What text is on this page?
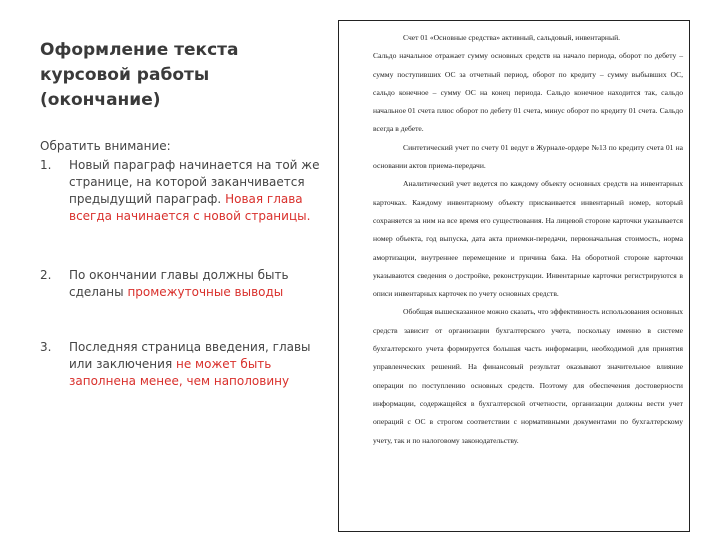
Оформление текста курсовой работы (окончание)
Обратить внимание:
1. Новый параграф начинается на той же странице, на которой заканчивается предыдущий параграф. Новая глава всегда начинается с новой страницы.
2. По окончании главы должны быть сделаны промежуточные выводы
3. Последняя страница введения, главы или заключения не может быть заполнена менее, чем наполовину

Счет 01 «Основные средства» активный, сальдовый, инвентарный.

Сальдо начальное отражает сумму основных средств на начало периода, оборот по дебету – сумму поступивших ОС за отчетный период, оборот по кредиту – сумму выбывших ОС, сальдо конечное – сумму ОС на конец периода. Сальдо конечное находится так, сальдо начальное 01 счета плюс оборот по дебету 01 счета, минус оборот по кредиту 01 счета. Сальдо всегда в дебете.

Синтетический учет по счету 01 ведут в Журнале-ордере №13 по кредиту счета 01 на основании актов приема-передачи.

Аналитический учет ведется по каждому объекту основных средств на инвентарных карточках. Каждому инвентарному объекту присваивается инвентарный номер, который сохраняется за ним на все время его существования. На лицевой стороне карточки указывается номер объекта, год выпуска, дата акта приемки-передачи, первоначальная стоимость, норма амортизации, внутреннее перемещение и причина бака. На оборотной стороне карточки указываются сведения о достройке, реконструкции. Инвентарные карточки регистрируются в описи инвентарных карточек по учету основных средств.

Обобщая вышесказанное можно сказать, что эффективность использования основных средств зависит от организации бухгалтерского учета, поскольку именно в системе бухгалтерского учета формируется большая часть информации, необходимой для принятия управленческих решений. На финансовый результат оказывают значительное влияние операции по поступлению основных средств. Поэтому для обеспечения достоверности информации, содержащейся в бухгалтерской отчетности, организации должны вести учет операций с ОС в строгом соответствии с нормативными документами по бухгалтерскому учету, так и по налоговому законодательству.
